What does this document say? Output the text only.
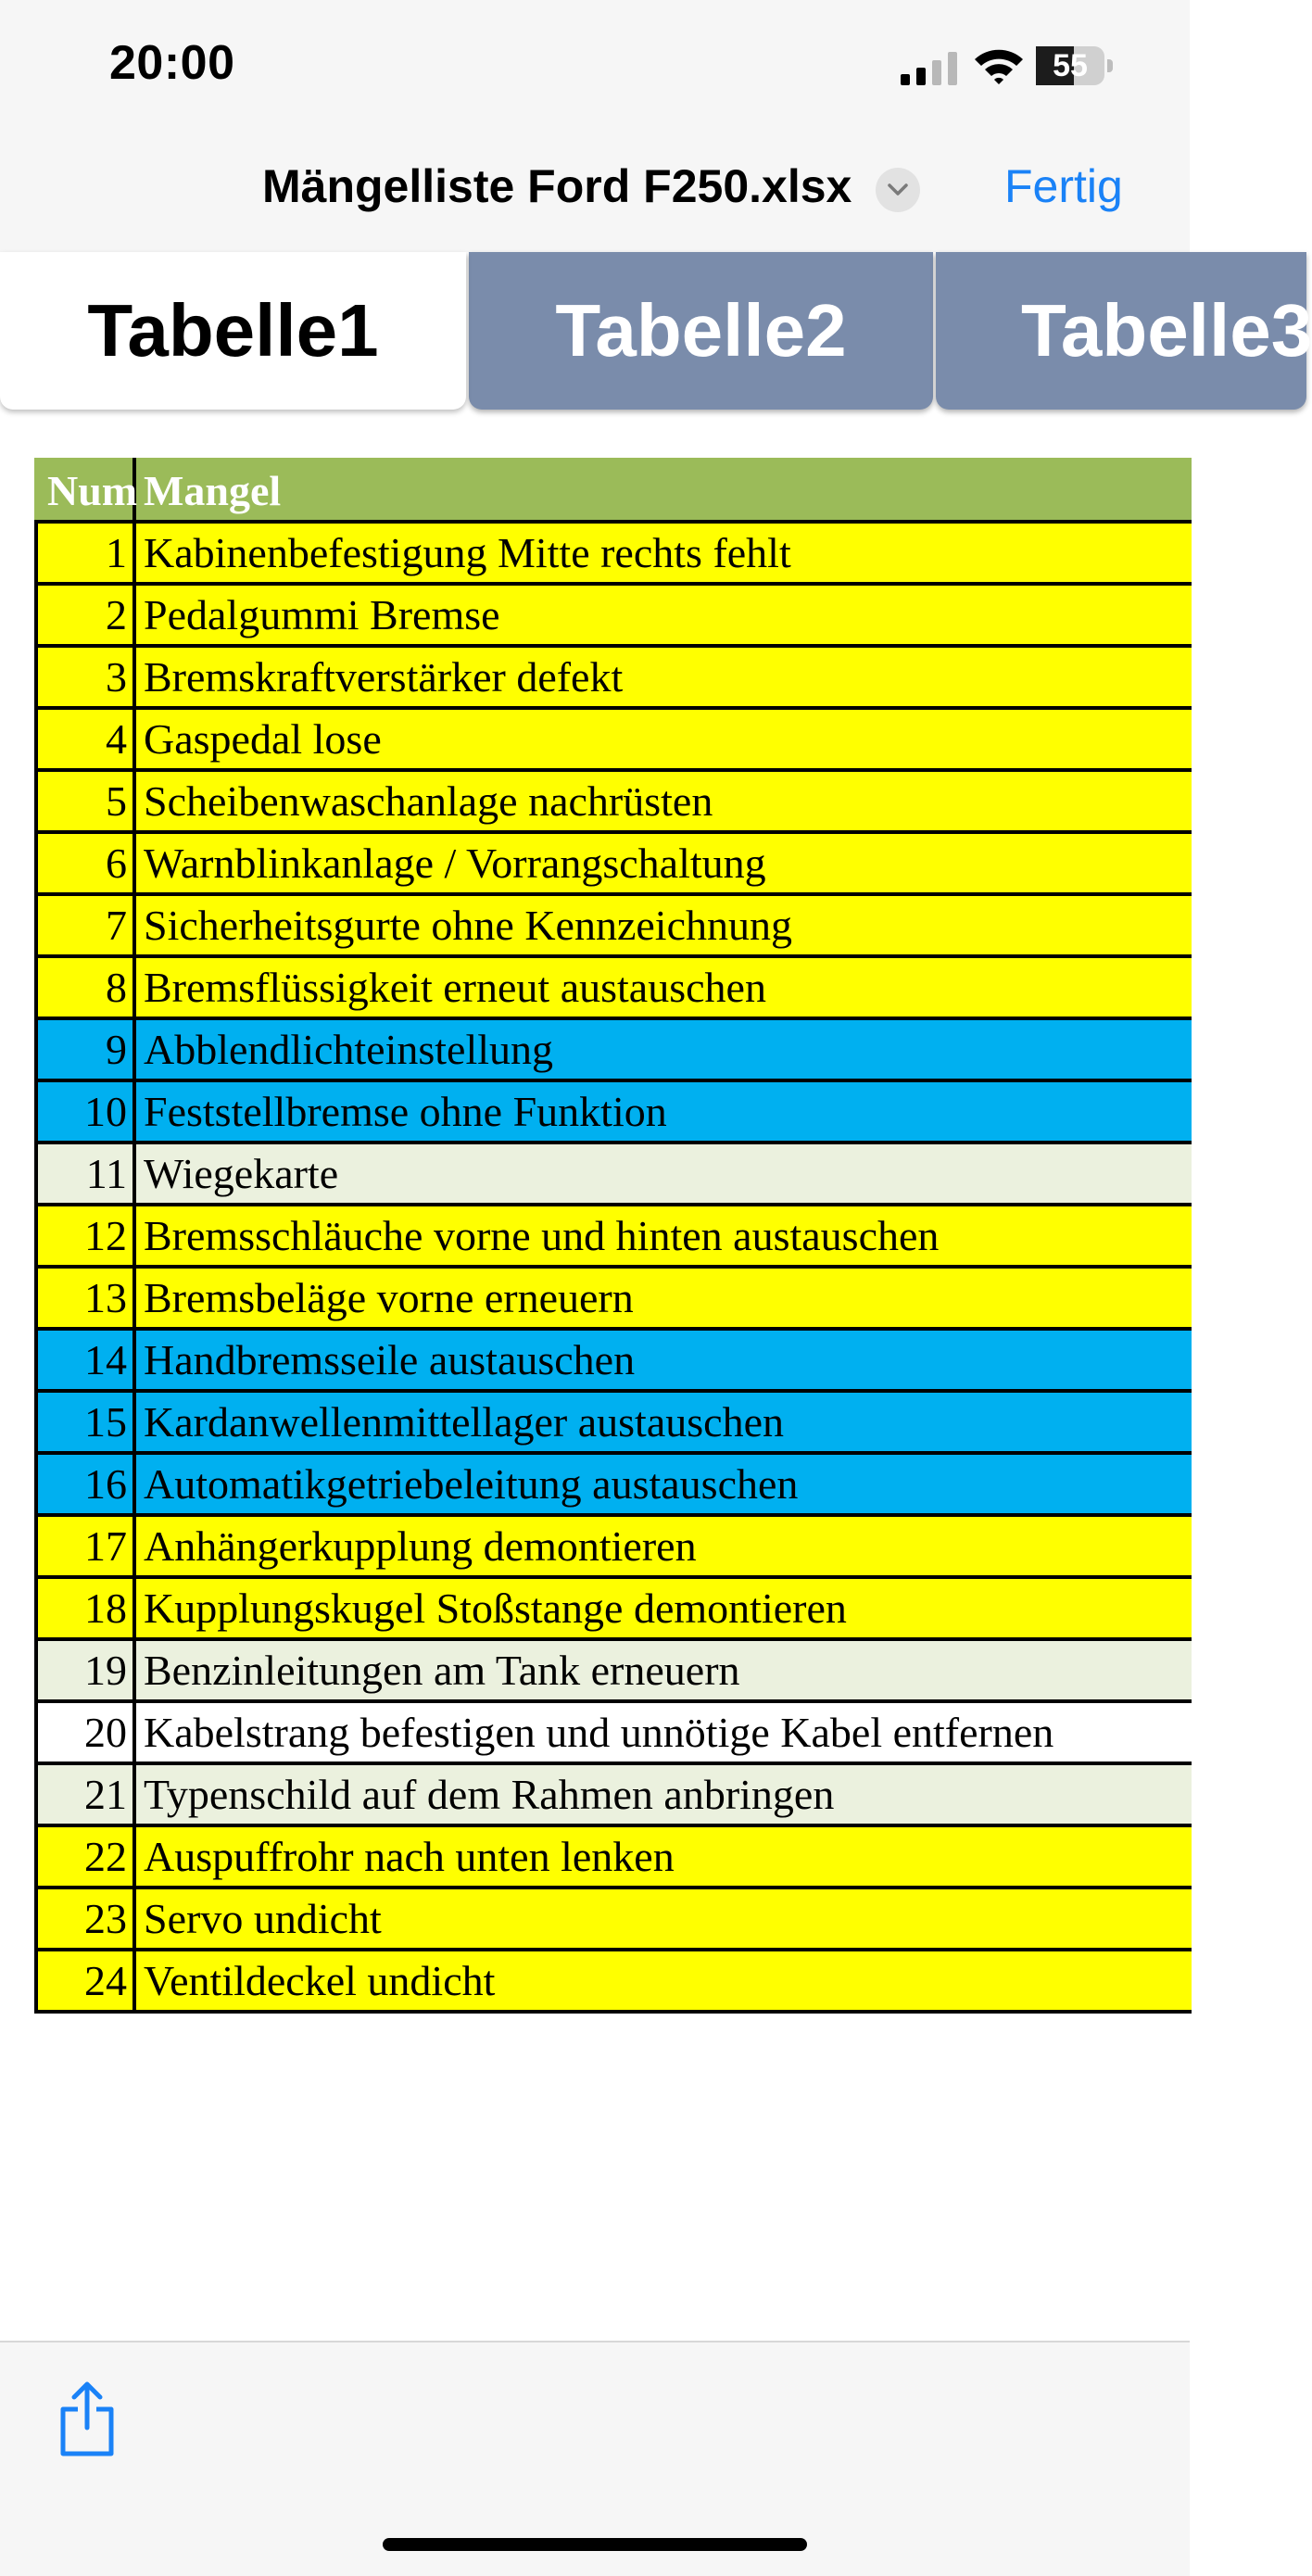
20:00	55
Mängelliste Ford F250.xlsx	Fertig
Tabelle1	Tabelle2	Tabelle3
Num	Mangel
1	Kabinenbefestigung Mitte rechts fehlt
2	Pedalgummi Bremse
3	Bremskraftverstärker defekt
4	Gaspedal lose
5	Scheibenwaschanlage nachrüsten
6	Warnblinkanlage / Vorrangschaltung
7	Sicherheitsgurte ohne Kennzeichnung
8	Bremsflüssigkeit erneut austauschen
9	Abblendlichteinstellung
10	Feststellbremse ohne Funktion
11	Wiegekarte
12	Bremsschläuche vorne und hinten austauschen
13	Bremsbeläge vorne erneuern
14	Handbremsseile austauschen
15	Kardanwellenmittellager austauschen
16	Automatikgetriebeleitung austauschen
17	Anhängerkupplung demontieren
18	Kupplungskugel Stoßstange demontieren
19	Benzinleitungen am Tank erneuern
20	Kabelstrang befestigen und unnötige Kabel entfernen
21	Typenschild auf dem Rahmen anbringen
22	Auspuffrohr nach unten lenken
23	Servo undicht
24	Ventildeckel undicht
